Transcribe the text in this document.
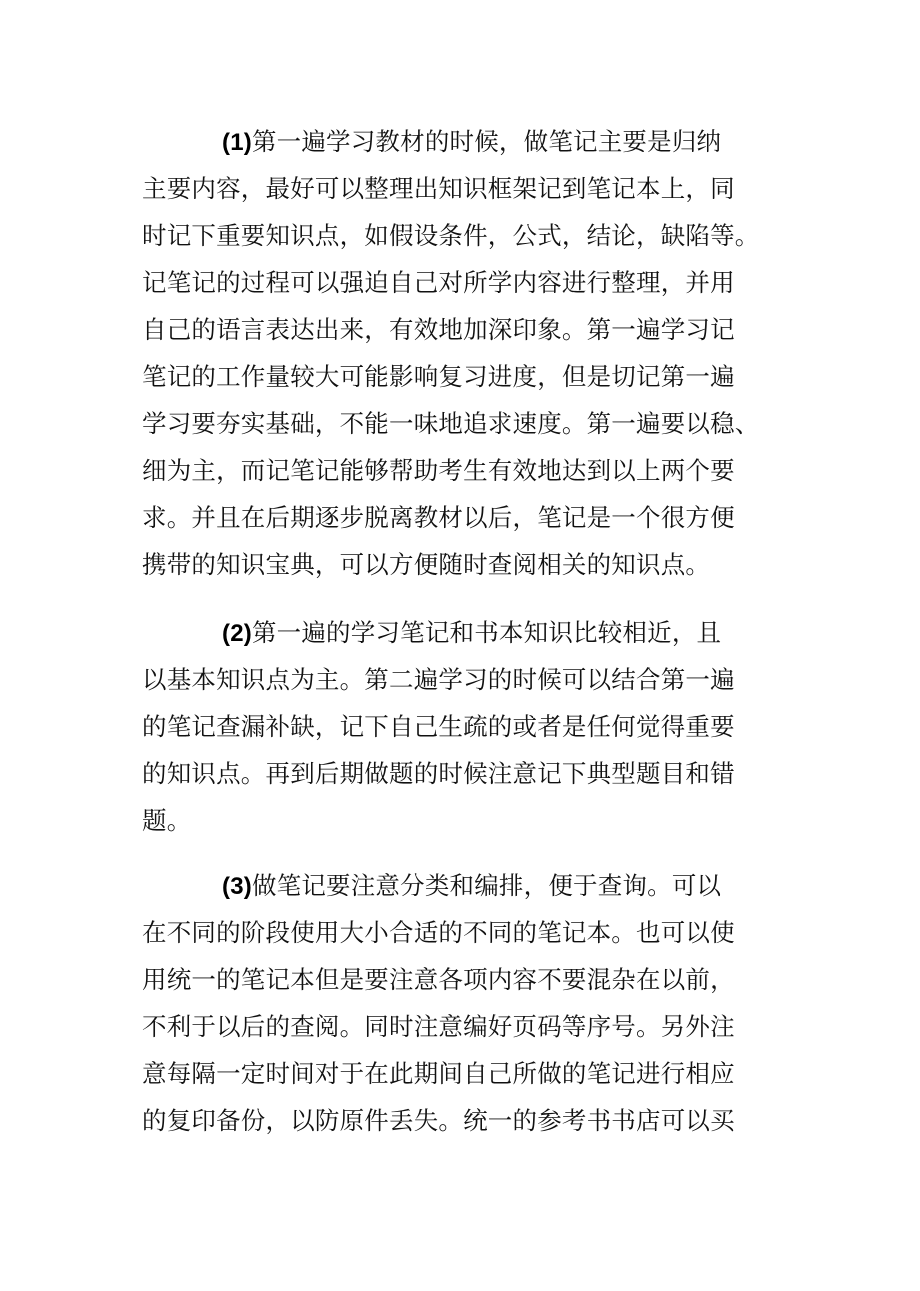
(1)第一遍学习教材的时候，做笔记主要是归纳
主要内容，最好可以整理出知识框架记到笔记本上，同
时记下重要知识点，如假设条件，公式，结论，缺陷等。
记笔记的过程可以强迫自己对所学内容进行整理，并用
自己的语言表达出来，有效地加深印象。第一遍学习记
笔记的工作量较大可能影响复习进度，但是切记第一遍
学习要夯实基础，不能一味地追求速度。第一遍要以稳、
细为主，而记笔记能够帮助考生有效地达到以上两个要
求。并且在后期逐步脱离教材以后，笔记是一个很方便
携带的知识宝典，可以方便随时查阅相关的知识点。
(2)第一遍的学习笔记和书本知识比较相近，且
以基本知识点为主。第二遍学习的时候可以结合第一遍
的笔记查漏补缺，记下自己生疏的或者是任何觉得重要
的知识点。再到后期做题的时候注意记下典型题目和错
题。
(3)做笔记要注意分类和编排，便于查询。可以
在不同的阶段使用大小合适的不同的笔记本。也可以使
用统一的笔记本但是要注意各项内容不要混杂在以前，
不利于以后的查阅。同时注意编好页码等序号。另外注
意每隔一定时间对于在此期间自己所做的笔记进行相应
的复印备份，以防原件丢失。统一的参考书书店可以买
